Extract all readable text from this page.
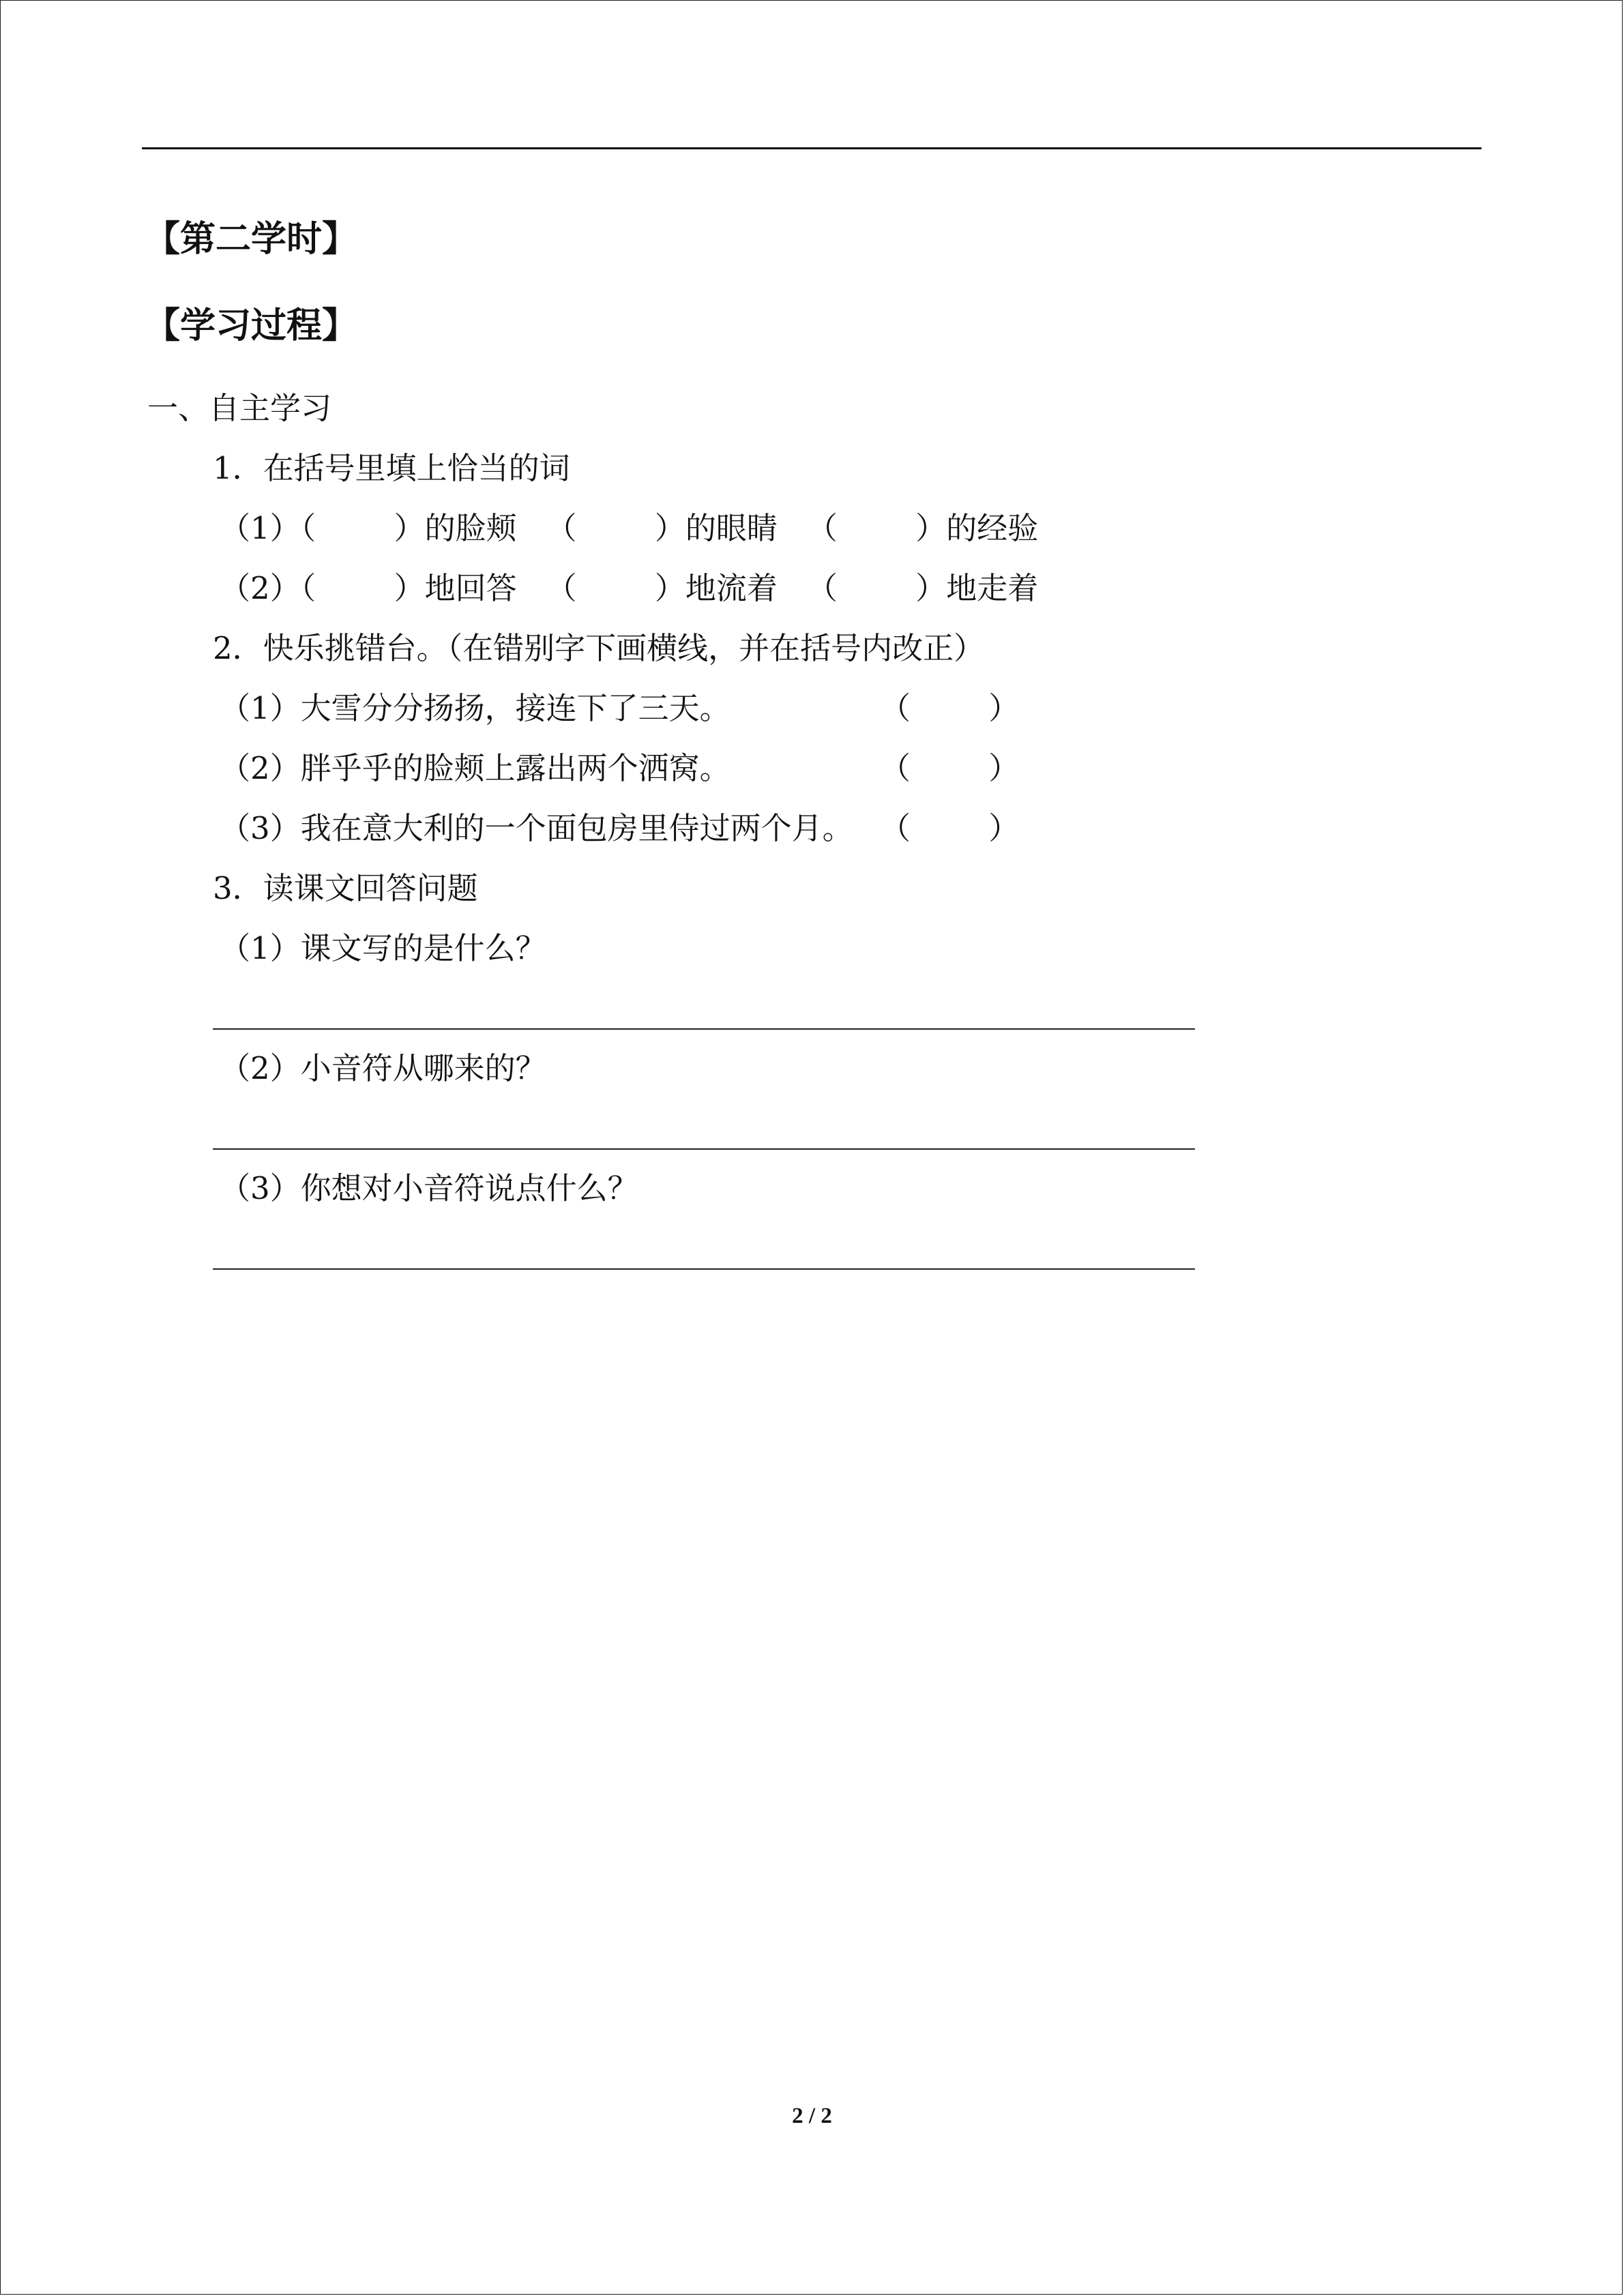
【第二学时】
【学习过程】
一、自主学习
1．在括号里填上恰当的词
（1）（        ）的脸颊   （        ）的眼睛   （        ）的经验
（2）（        ）地回答   （        ）地流着   （        ）地走着
2．快乐挑错台。（在错别字下画横线，并在括号内改正）
（1）大雪分分扬扬，接连下了三天。	（        ）
（2）胖乎乎的脸颊上露出两个洒窝。	（        ）
（3）我在意大利的一个面包房里侍过两个月。 （        ）
3．读课文回答问题
（1）课文写的是什么？
（2）小音符从哪来的？
（3）你想对小音符说点什么？
2 / 2
